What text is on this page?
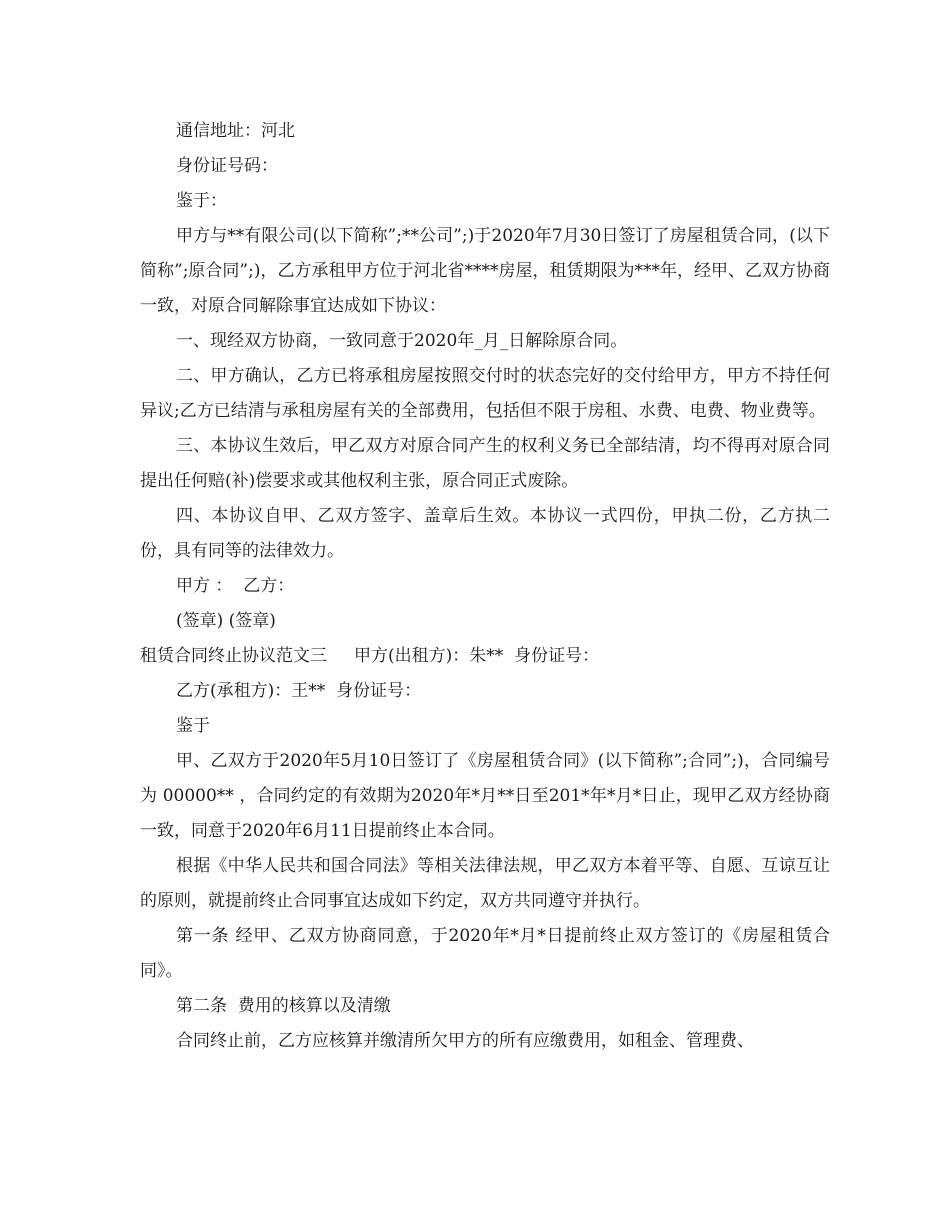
通信地址：河北

身份证号码：

鉴于：

甲方与**有限公司(以下简称”;**公司”;)于2020年7月30日签订了房屋租赁合同，(以下简称”;原合同”;)，乙方承租甲方位于河北省****房屋，租赁期限为***年，经甲、乙双方协商一致，对原合同解除事宜达成如下协议：

一、现经双方协商，一致同意于2020年_月_日解除原合同。

二、甲方确认，乙方已将承租房屋按照交付时的状态完好的交付给甲方，甲方不持任何异议;乙方已结清与承租房屋有关的全部费用，包括但不限于房租、水费、电费、物业费等。

三、本协议生效后，甲乙双方对原合同产生的权利义务已全部结清，均不得再对原合同提出任何赔(补)偿要求或其他权利主张，原合同正式废除。

四、本协议自甲、乙双方签字、盖章后生效。本协议一式四份，甲执二份，乙方执二份，具有同等的法律效力。

甲方 ：  乙方：

(签章) (签章)

租赁合同终止协议范文三     甲方(出租方)：朱**  身份证号：

乙方(承租方)：王**  身份证号：

鉴于

甲、乙双方于2020年5月10日签订了《房屋租赁合同》(以下简称”;合同”;)，合同编号为 00000** ，合同约定的有效期为2020年*月**日至201*年*月*日止，现甲乙双方经协商一致，同意于2020年6月11日提前终止本合同。

根据《中华人民共和国合同法》等相关法律法规，甲乙双方本着平等、自愿、互谅互让的原则，就提前终止合同事宜达成如下约定，双方共同遵守并执行。

第一条 经甲、乙双方协商同意，于2020年*月*日提前终止双方签订的《房屋租赁合同》。

第二条  费用的核算以及清缴

合同终止前，乙方应核算并缴清所欠甲方的所有应缴费用，如租金、管理费、
